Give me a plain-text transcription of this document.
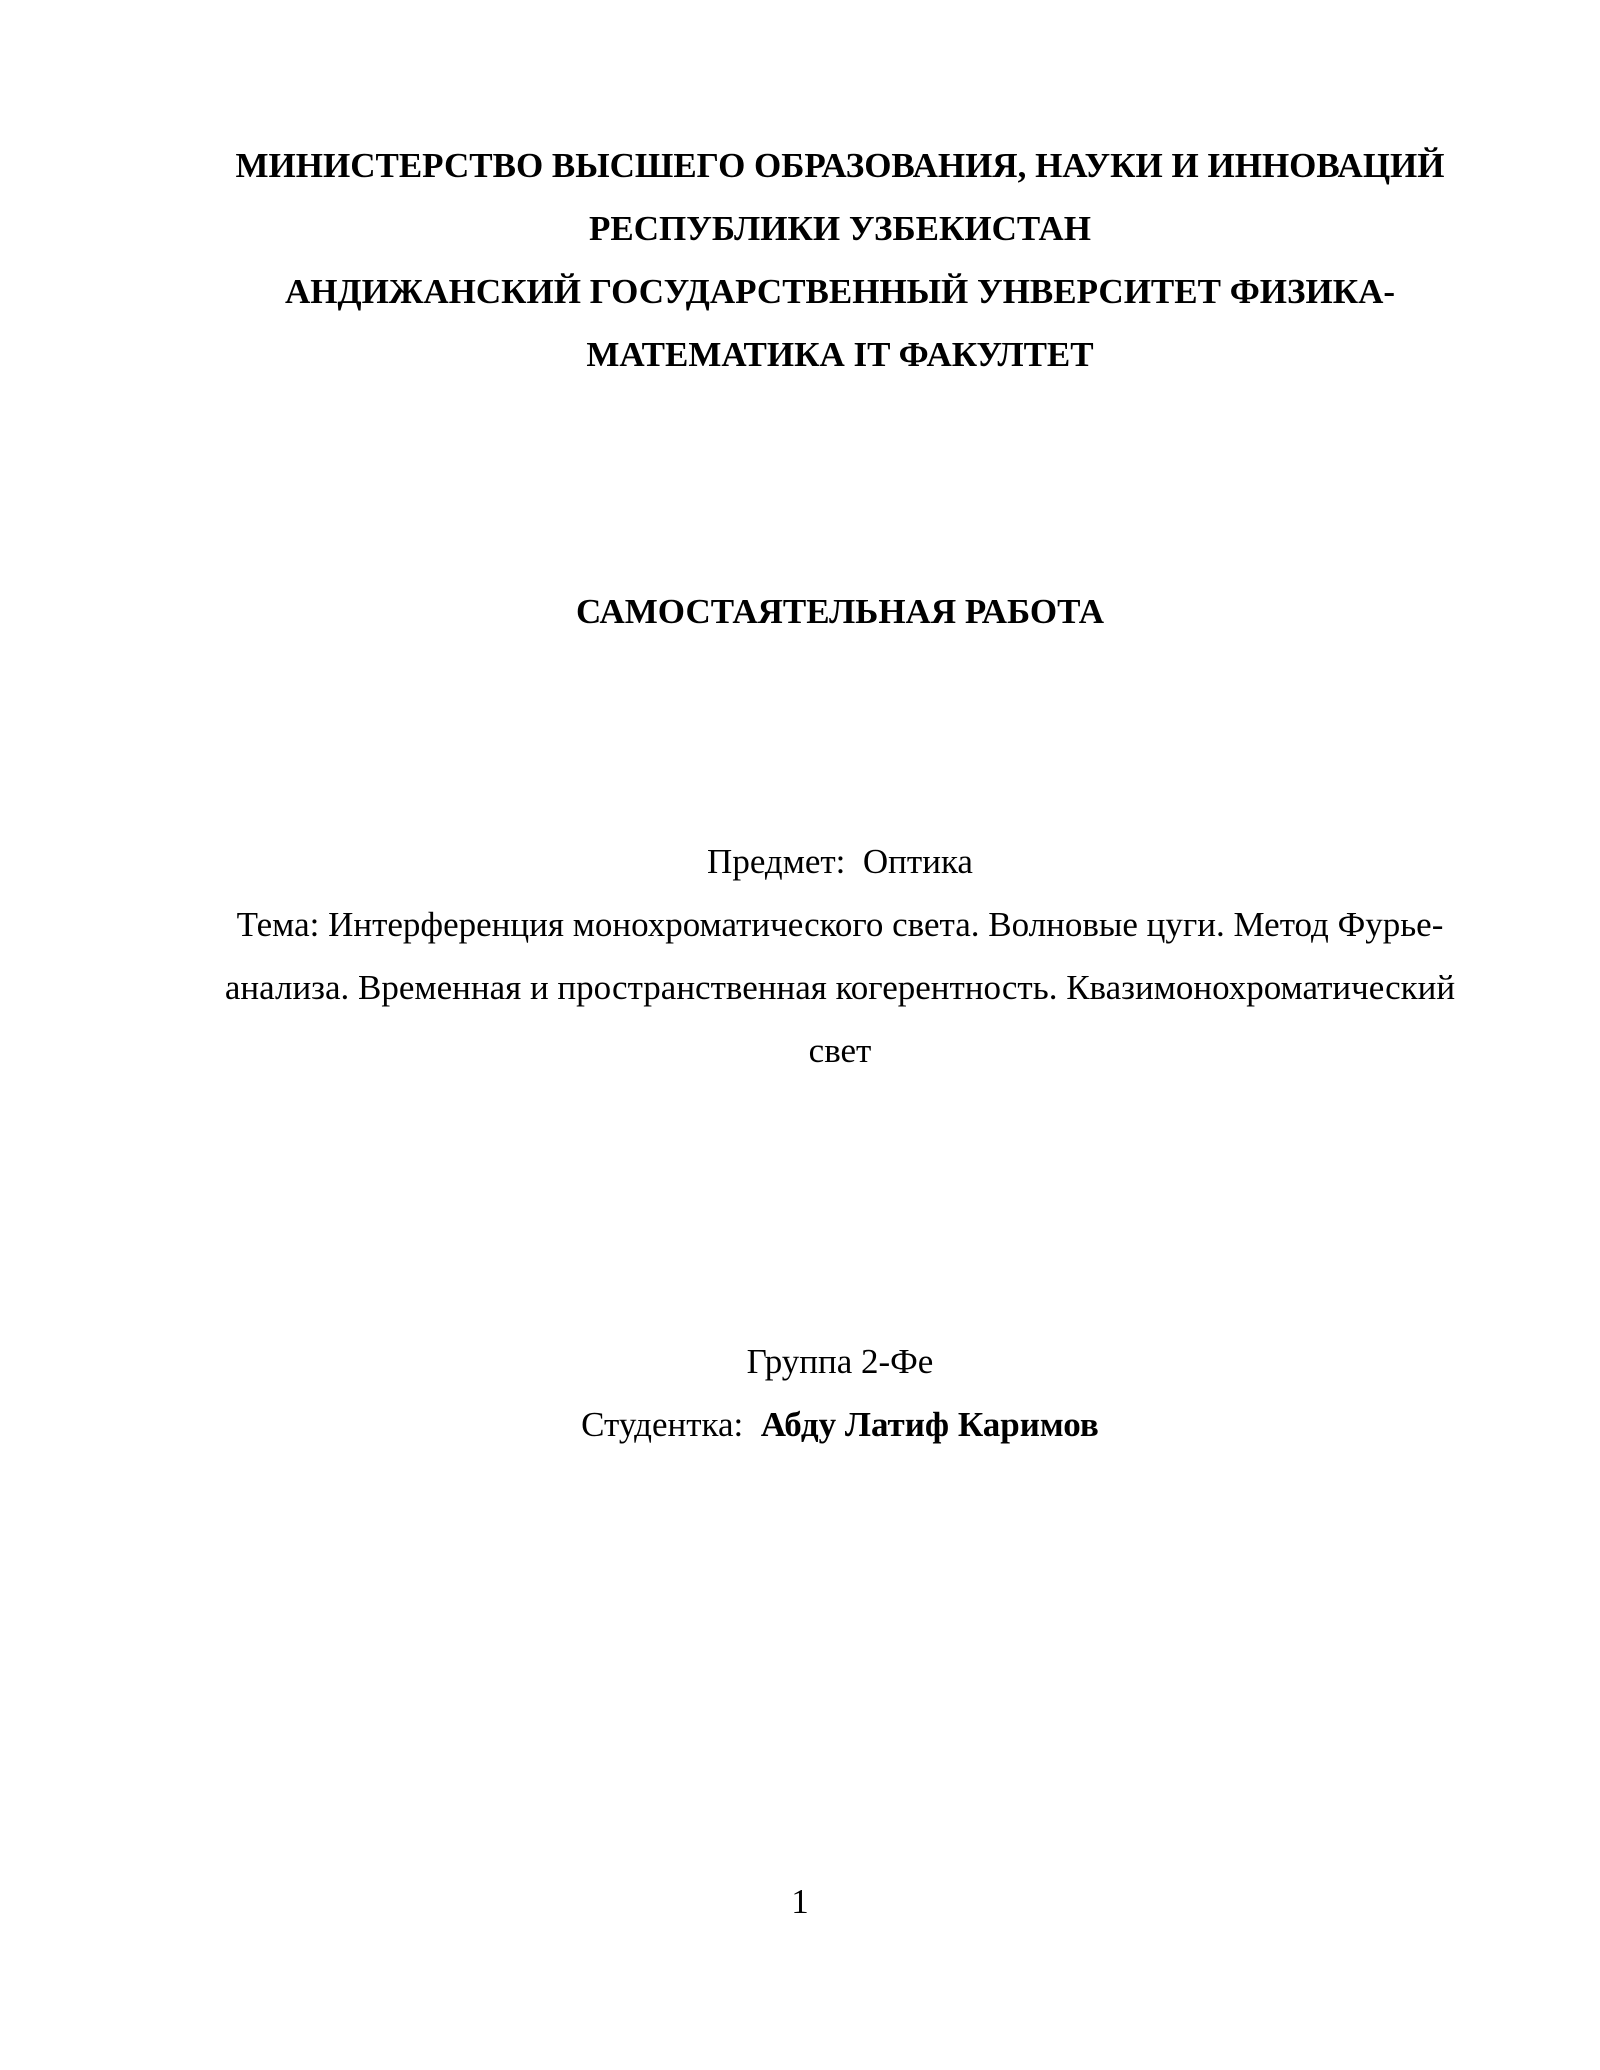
МИНИСТЕРСТВО ВЫСШЕГО ОБРАЗОВАНИЯ, НАУКИ И ИННОВАЦИЙ

РЕСПУБЛИКИ УЗБЕКИСТАН

АНДИЖАНСКИЙ ГОСУДАРСТВЕННЫЙ УНВЕРСИТЕТ ФИЗИКА-

МАТЕМАТИКА IT ФАКУЛТЕТ

САМОСТАЯТЕЛЬНАЯ РАБОТА

Предмет: Оптика

Тема: Интерференция монохроматического света. Волновые цуги. Метод Фурье-

анализа. Временная и пространственная когерентность. Квазимонохроматический

свет

Группа 2-Фе

Студентка: Абду Латиф Каримов

1
